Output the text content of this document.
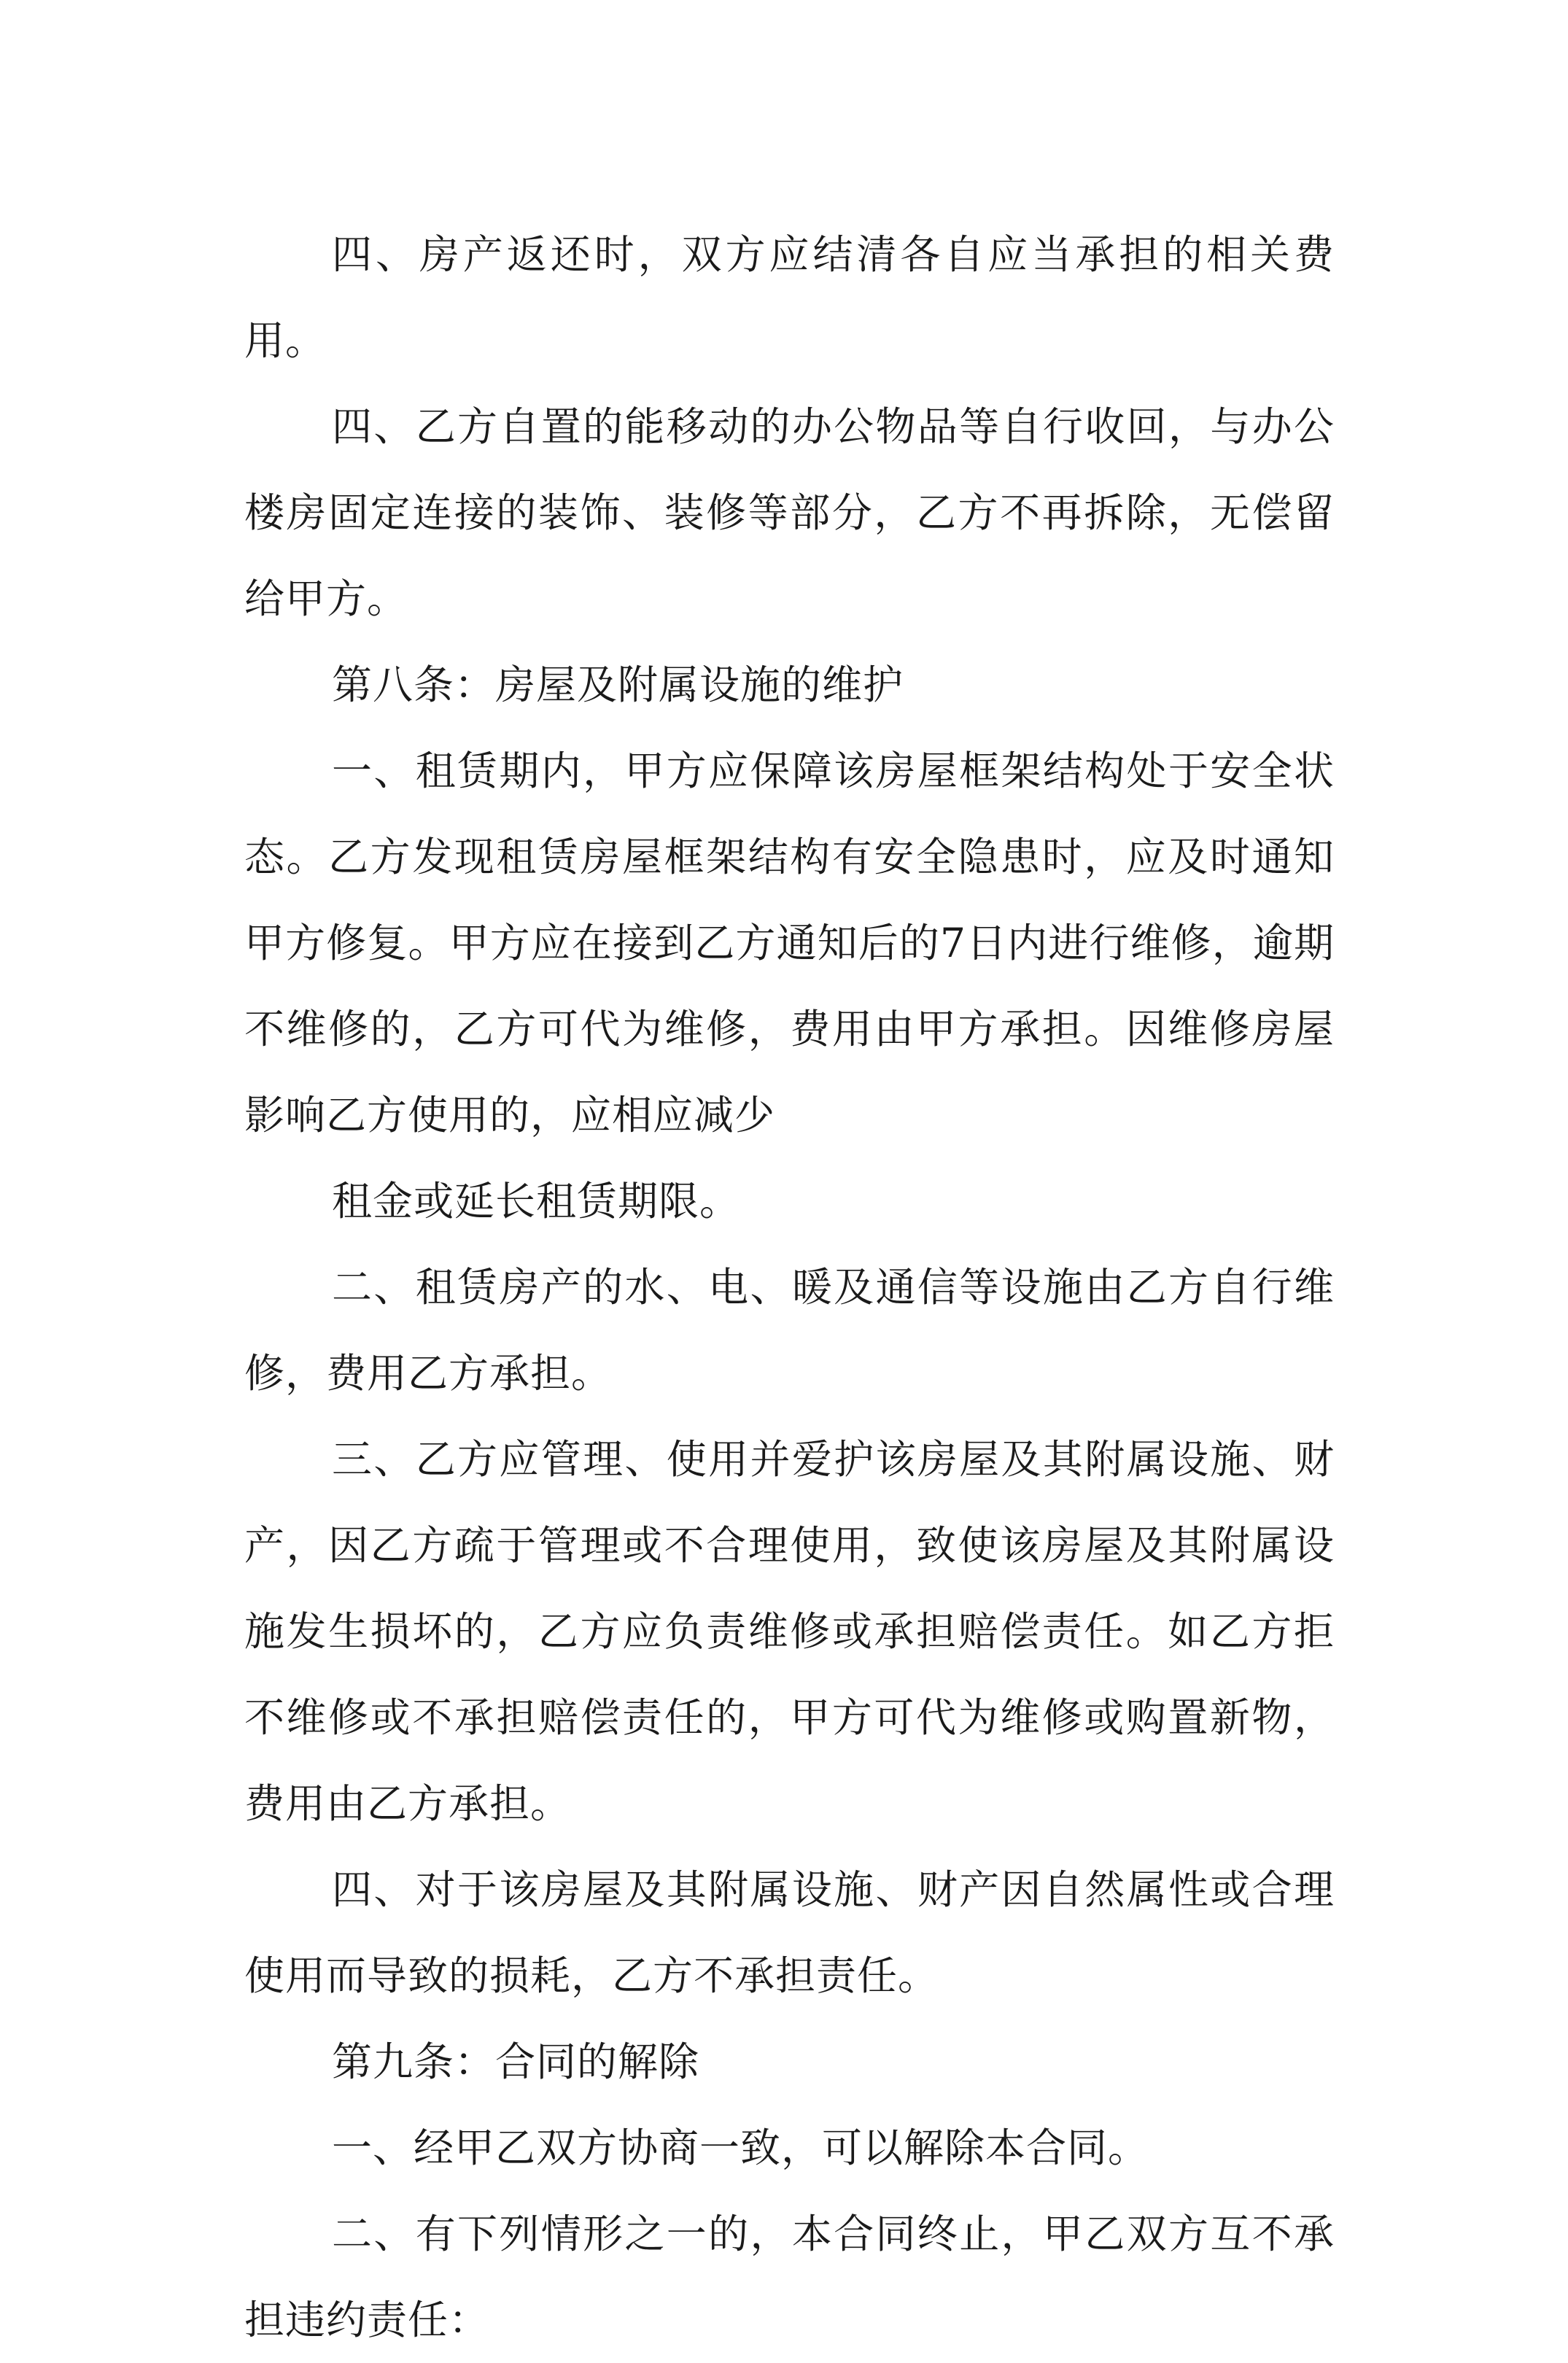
四、房产返还时，双方应结清各自应当承担的相关费用。

四、乙方自置的能移动的办公物品等自行收回，与办公楼房固定连接的装饰、装修等部分，乙方不再拆除，无偿留给甲方。

第八条：房屋及附属设施的维护

一、租赁期内，甲方应保障该房屋框架结构处于安全状态。乙方发现租赁房屋框架结构有安全隐患时，应及时通知甲方修复。甲方应在接到乙方通知后的7日内进行维修，逾期不维修的，乙方可代为维修，费用由甲方承担。因维修房屋影响乙方使用的，应相应减少

租金或延长租赁期限。

二、租赁房产的水、电、暖及通信等设施由乙方自行维修，费用乙方承担。

三、乙方应管理、使用并爱护该房屋及其附属设施、财产，因乙方疏于管理或不合理使用，致使该房屋及其附属设施发生损坏的，乙方应负责维修或承担赔偿责任。如乙方拒不维修或不承担赔偿责任的，甲方可代为维修或购置新物，费用由乙方承担。

四、对于该房屋及其附属设施、财产因自然属性或合理使用而导致的损耗，乙方不承担责任。

第九条：合同的解除

一、经甲乙双方协商一致，可以解除本合同。

二、有下列情形之一的，本合同终止，甲乙双方互不承担违约责任：
